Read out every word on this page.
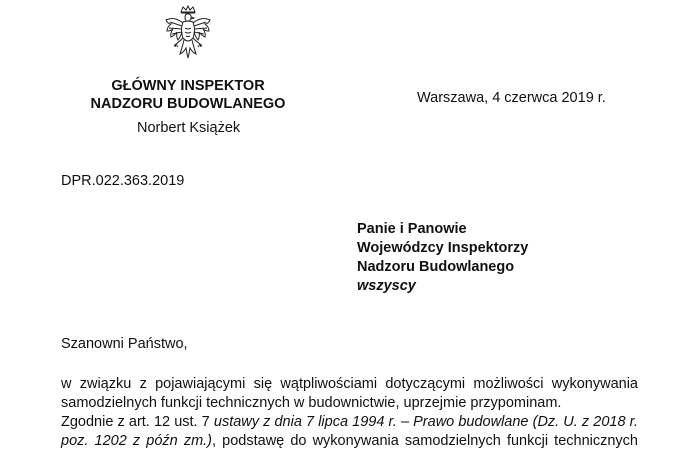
GŁÓWNY INSPEKTOR
NADZORU BUDOWLANEGO
Norbert Książek
Warszawa, 4 czerwca 2019 r.
DPR.022.363.2019
Panie i Panowie
Wojewódzcy Inspektorzy
Nadzoru Budowlanego
wszyscy
Szanowni Państwo,
w związku z pojawiającymi się wątpliwościami dotyczącymi możliwości wykonywania
samodzielnych funkcji technicznych w budownictwie, uprzejmie przypominam.
Zgodnie z art. 12 ust. 7 ustawy z dnia 7 lipca 1994 r. – Prawo budowlane (Dz. U. z 2018 r.
poz. 1202 z późn zm.), podstawę do wykonywania samodzielnych funkcji technicznych
